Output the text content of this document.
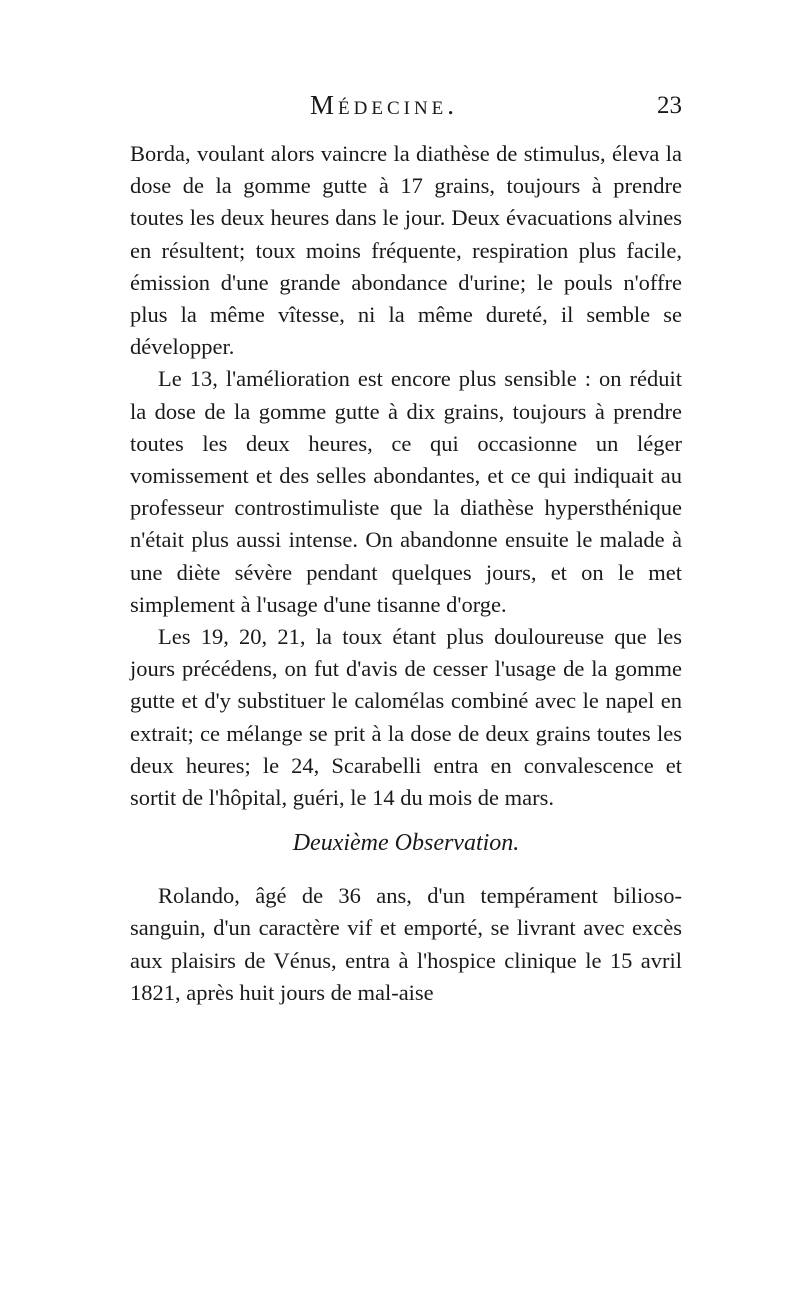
Médecine.	23

Borda, voulant alors vaincre la diathèse de stimulus, éleva la dose de la gomme gutte à 17 grains, toujours à prendre toutes les deux heures dans le jour. Deux évacuations alvines en résultent; toux moins fréquente, respiration plus facile, émission d'une grande abondance d'urine; le pouls n'offre plus la même vîtesse, ni la même dureté, il semble se développer.

Le 13, l'amélioration est encore plus sensible : on réduit la dose de la gomme gutte à dix grains, toujours à prendre toutes les deux heures, ce qui occasionne un léger vomissement et des selles abondantes, et ce qui indiquait au professeur controstimuliste que la diathèse hypersthénique n'était plus aussi intense. On abandonne ensuite le malade à une diète sévère pendant quelques jours, et on le met simplement à l'usage d'une tisanne d'orge.

Les 19, 20, 21, la toux étant plus douloureuse que les jours précédens, on fut d'avis de cesser l'usage de la gomme gutte et d'y substituer le calomélas combiné avec le napel en extrait; ce mélange se prit à la dose de deux grains toutes les deux heures; le 24, Scarabelli entra en convalescence et sortit de l'hôpital, guéri, le 14 du mois de mars.

Deuxième Observation.

Rolando, âgé de 36 ans, d'un tempérament bilioso-sanguin, d'un caractère vif et emporté, se livrant avec excès aux plaisirs de Vénus, entra à l'hospice clinique le 15 avril 1821, après huit jours de mal-aise
